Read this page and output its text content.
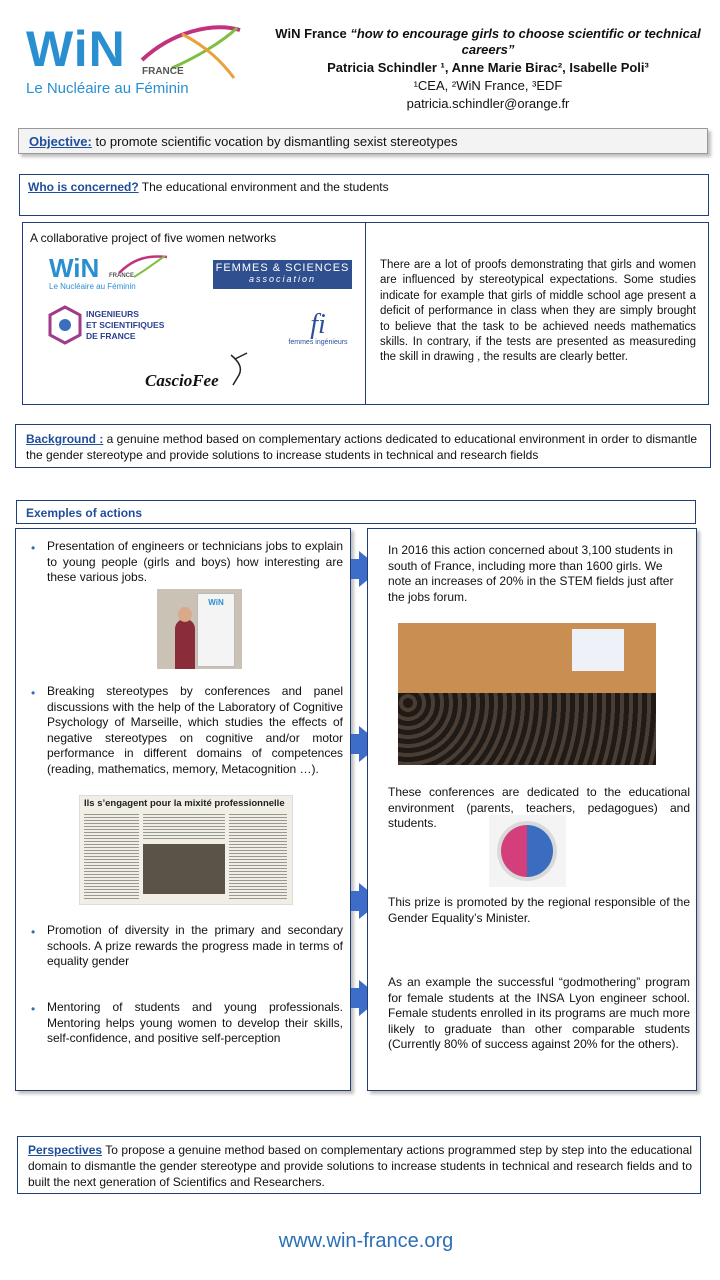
WiN FRANCE
Le Nucléaire au Féminin
WiN France “how to encourage girls to choose scientific or technical careers”
Patricia Schindler ¹, Anne Marie Birac², Isabelle Poli³
¹CEA, ²WiN France, ³EDF
patricia.schindler@orange.fr
Objective: to promote scientific vocation by dismantling sexist stereotypes
Who is concerned? The educational environment and the students
A collaborative project of five women networks
WiN FRANCE
Le Nucléaire au Féminin
FEMMES & SCIENCES
association
INGENIEURS
ET SCIENTIFIQUES
DE FRANCE	fi
femmes ingénieurs
CascioFee
There are a lot of proofs demonstrating that girls and women are influenced by stereotypical expectations. Some studies indicate for example that girls of middle school age present a deficit of performance in class when they are simply brought to believe that the task to be achieved needs mathematics skills. In contrary, if the tests are presented as measureding the skill in drawing , the results are clearly better.
Background : a genuine method based on complementary actions dedicated to educational environment in order to dismantle the gender stereotype and provide solutions to increase students in technical and research fields
Exemples of actions
• Presentation of engineers or technicians jobs to explain to young people (girls and boys) how interesting are these various jobs.
WiN
• Breaking stereotypes by conferences and panel discussions with the help of the Laboratory of Cognitive Psychology of Marseille, which studies the effects of negative stereotypes on cognitive and/or motor performance in different domains of competences (reading, mathematics, memory, Metacognition …).
Ils s’engagent pour la mixité professionnelle
• Promotion of diversity in the primary and secondary schools. A prize rewards the progress made in terms of equality gender
• Mentoring of students and young professionals. Mentoring helps young women to develop their skills, self-confidence, and positive self-perception
In 2016 this action concerned about 3,100 students in south of France, including more than 1600 girls. We note an increases of 20% in the STEM fields just after the jobs forum.
These conferences are dedicated to the educational environment (parents, teachers, pedagogues) and students.
This prize is promoted by the regional responsible of the Gender Equality’s Minister.
As an example the successful “godmothering” program for female students at the INSA Lyon engineer school. Female students enrolled in its programs are much more likely to graduate than other comparable students (Currently 80% of success against 20% for the others).
Perspectives To propose a genuine method based on complementary actions programmed step by step into the educational domain to dismantle the gender stereotype and provide solutions to increase students in technical and research fields and to built the next generation of Scientifics and Researchers.
www.win-france.org
